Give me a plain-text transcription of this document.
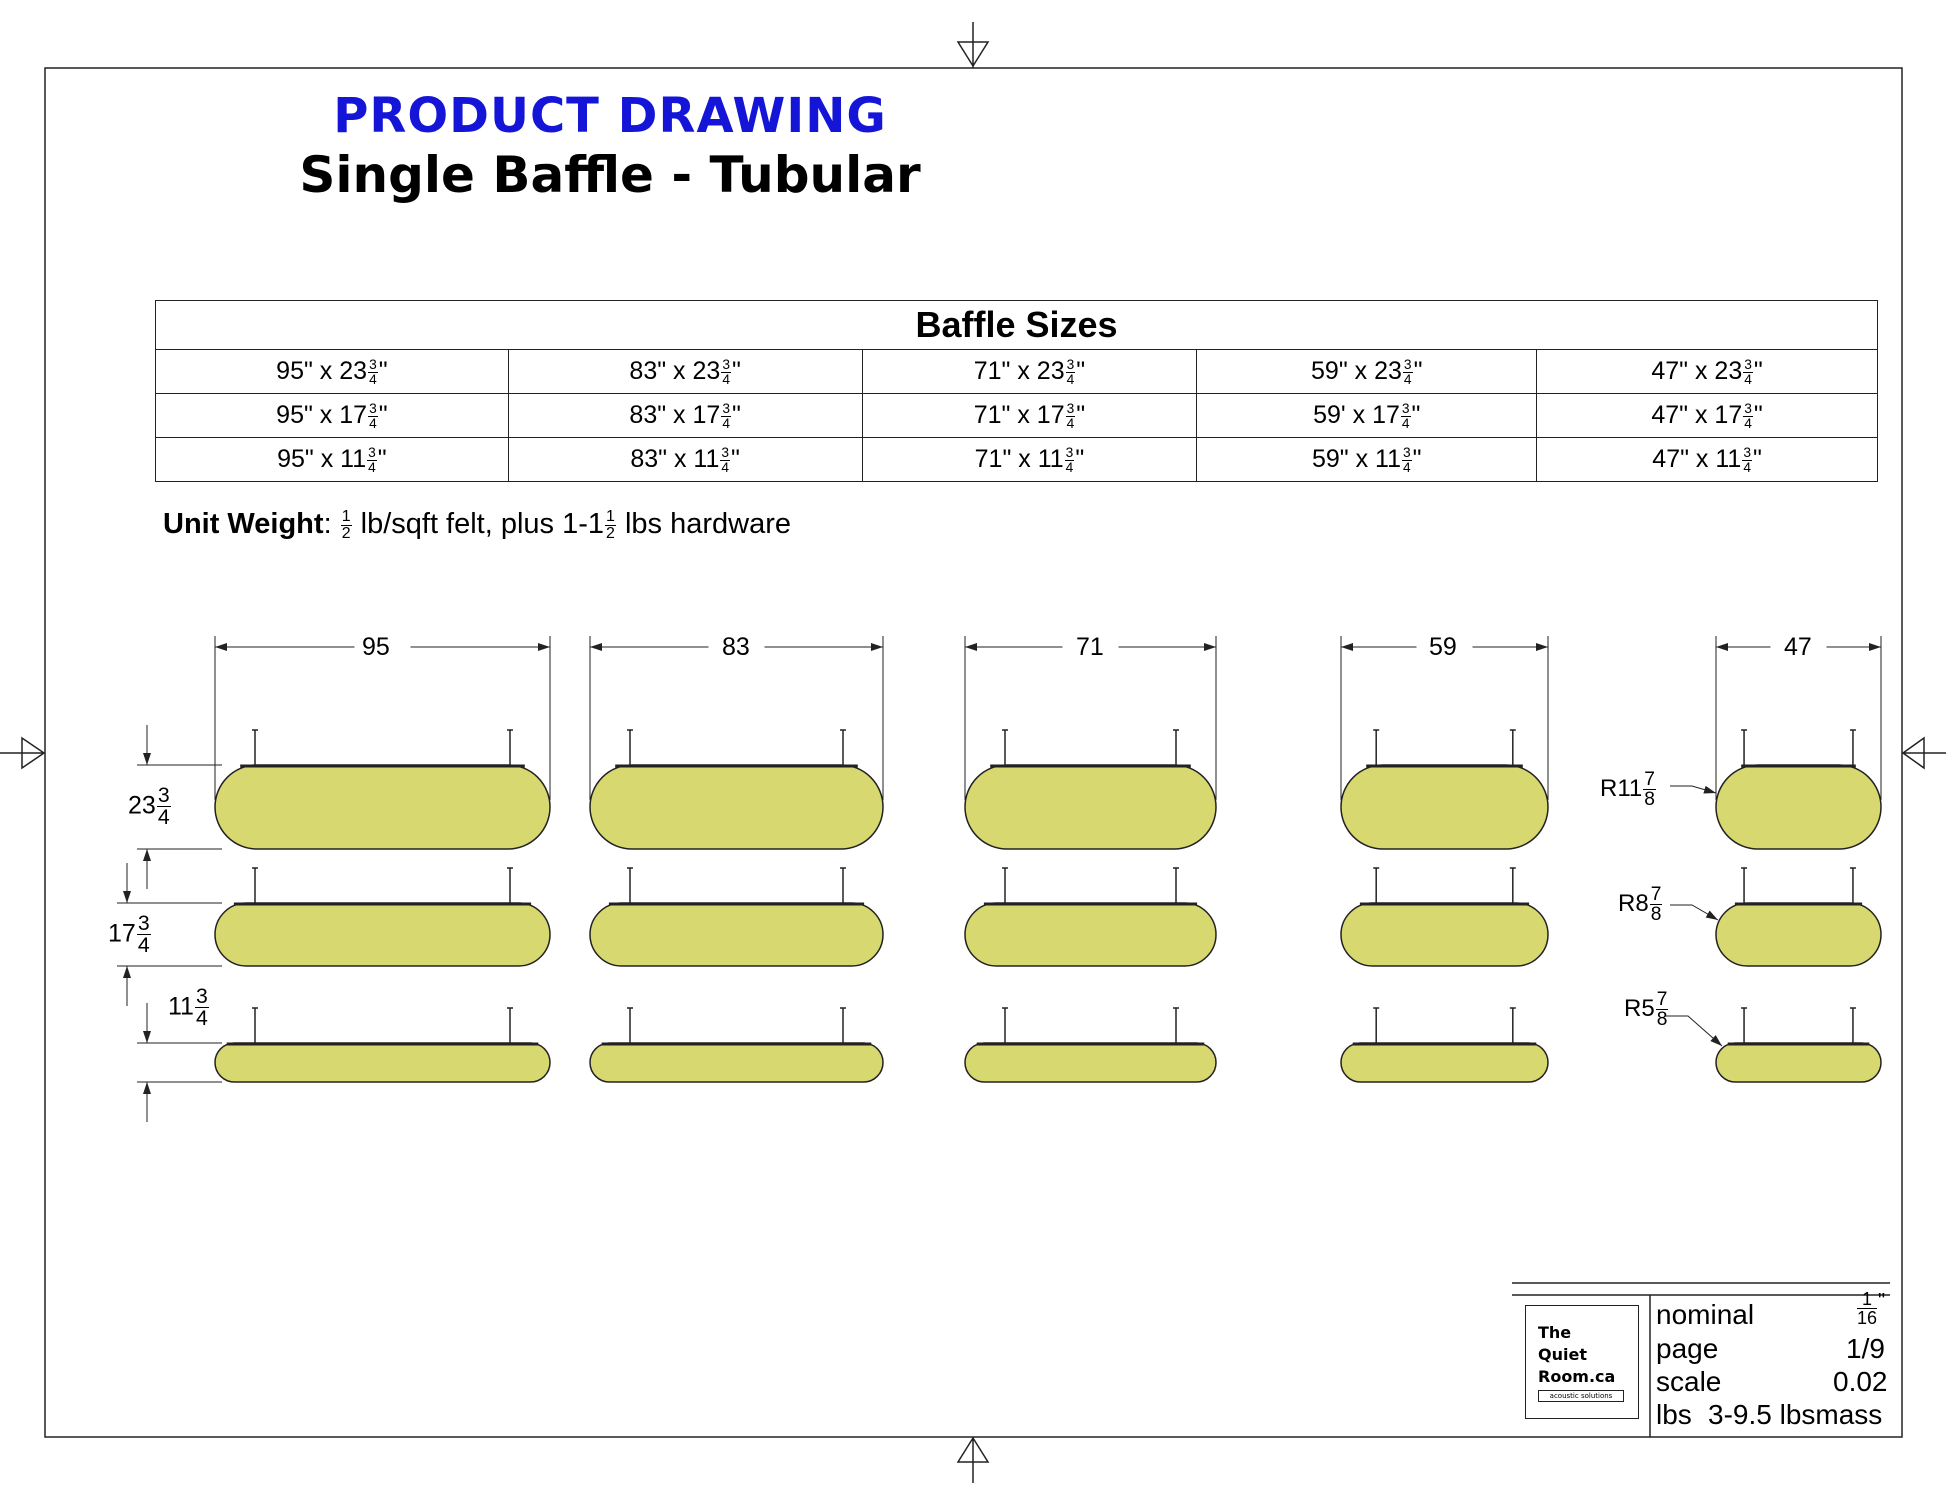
PRODUCT DRAWING
Single Baffle - Tubular
Baffle Sizes				
95" x $23 \frac{3}{4}$ "	83" x $23 \frac{3}{4}$ "	71" x $23 \frac{3}{4}$ "	59" x $23 \frac{3}{4}$ "	47" x $23 \frac{3}{4}$ "
95" x $17 \frac{3}{4}$ "	83" x $17 \frac{3}{4}$ "	71" x $17 \frac{3}{4}$ "	59' x $17 \frac{3}{4}$ "	47" x $17 \frac{3}{4}$ "
95" x $11 \frac{3}{4}$ "	83" x $11 \frac{3}{4}$ "	71" x $11 \frac{3}{4}$ "	59" x $11 \frac{3}{4}$ "	47" x $11 \frac{3}{4}$ "
Unit Weight: $\frac{1}{2}$ lb/sqft felt, plus $1-1 \frac{1}{2}$ lbs hardware
95	83	71	59	47
$23 \frac{3}{4}$
$17 \frac{3}{4}$
$11 \frac{3}{4}$
$R11 \frac{7}{8}$
$R8 \frac{7}{8}$
$R5 \frac{7}{8}$
The
Quiet
Room.ca
acoustic solutions
nominal	$\frac{1}{16}$ "
page	1/9
scale	0.02
lbs 3-9.5 lbsmass
